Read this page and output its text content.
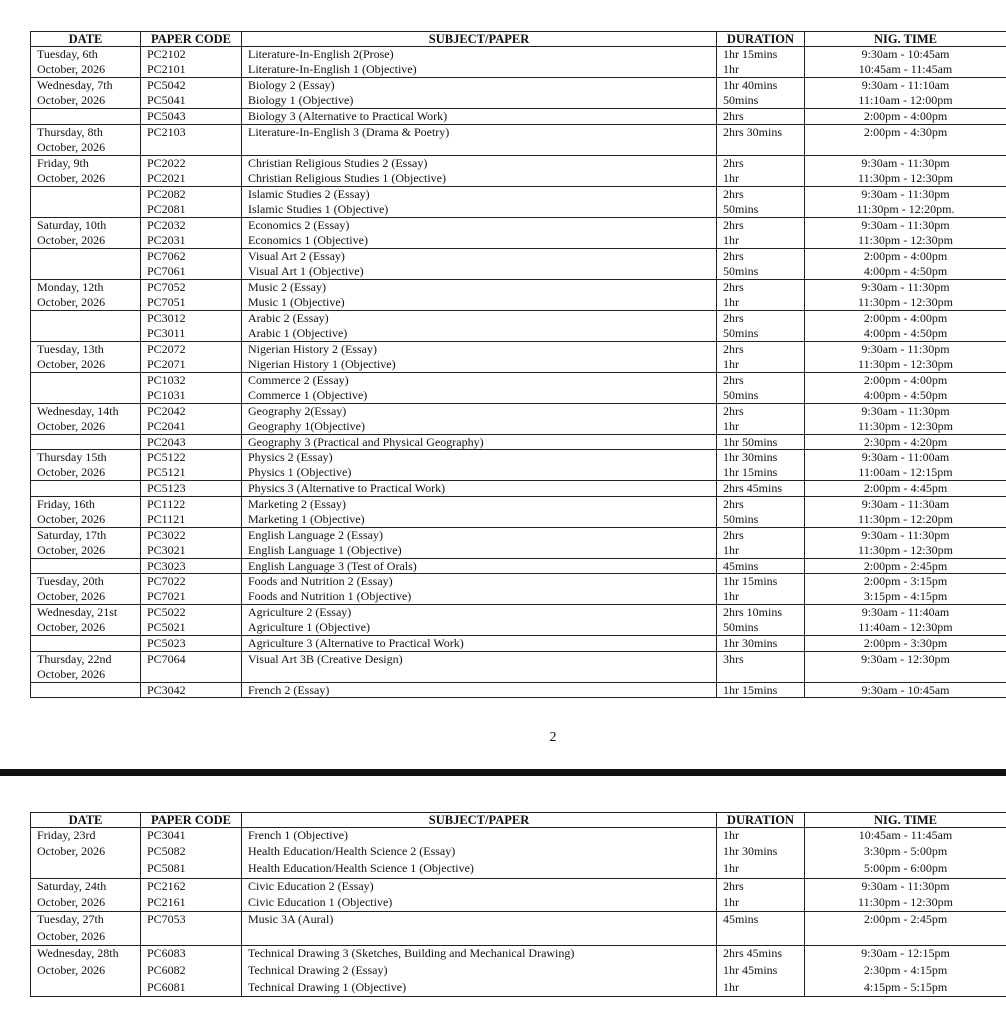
DATE	PAPER CODE	SUBJECT/PAPER	DURATION	NIG. TIME
Tuesday, 6th	PC2102	Literature-In-English 2(Prose)	1hr 15mins	9:30am - 10:45am
October, 2026	PC2101	Literature-In-English 1 (Objective)	1hr	10:45am - 11:45am
Wednesday, 7th	PC5042	Biology 2 (Essay)	1hr 40mins	9:30am - 11:10am
October, 2026	PC5041	Biology 1 (Objective)	50mins	11:10am - 12:00pm
	PC5043	Biology 3 (Alternative to Practical Work)	2hrs	2:00pm - 4:00pm
Thursday, 8th	PC2103	Literature-In-English 3 (Drama & Poetry)	2hrs 30mins	2:00pm - 4:30pm
October, 2026				
Friday, 9th	PC2022	Christian Religious Studies 2 (Essay)	2hrs	9:30am - 11:30pm
October, 2026	PC2021	Christian Religious Studies 1 (Objective)	1hr	11:30pm - 12:30pm
	PC2082	Islamic Studies 2 (Essay)	2hrs	9:30am - 11:30pm
	PC2081	Islamic Studies 1 (Objective)	50mins	11:30pm - 12:20pm.
Saturday, 10th	PC2032	Economics 2 (Essay)	2hrs	9:30am - 11:30pm
October, 2026	PC2031	Economics 1 (Objective)	1hr	11:30pm - 12:30pm
	PC7062	Visual Art 2 (Essay)	2hrs	2:00pm - 4:00pm
	PC7061	Visual Art 1 (Objective)	50mins	4:00pm - 4:50pm
Monday, 12th	PC7052	Music 2 (Essay)	2hrs	9:30am - 11:30pm
October, 2026	PC7051	Music 1 (Objective)	1hr	11:30pm - 12:30pm
	PC3012	Arabic 2 (Essay)	2hrs	2:00pm - 4:00pm
	PC3011	Arabic 1 (Objective)	50mins	4:00pm - 4:50pm
Tuesday, 13th	PC2072	Nigerian History 2 (Essay)	2hrs	9:30am - 11:30pm
October, 2026	PC2071	Nigerian History 1 (Objective)	1hr	11:30pm - 12:30pm
	PC1032	Commerce 2 (Essay)	2hrs	2:00pm - 4:00pm
	PC1031	Commerce 1 (Objective)	50mins	4:00pm - 4:50pm
Wednesday, 14th	PC2042	Geography 2(Essay)	2hrs	9:30am - 11:30pm
October, 2026	PC2041	Geography 1(Objective)	1hr	11:30pm - 12:30pm
	PC2043	Geography 3 (Practical and Physical Geography)	1hr 50mins	2:30pm - 4:20pm
Thursday 15th	PC5122	Physics 2 (Essay)	1hr 30mins	9:30am - 11:00am
October, 2026	PC5121	Physics 1 (Objective)	1hr 15mins	11:00am - 12:15pm
	PC5123	Physics 3 (Alternative to Practical Work)	2hrs 45mins	2:00pm - 4:45pm
Friday, 16th	PC1122	Marketing 2 (Essay)	2hrs	9:30am - 11:30am
October, 2026	PC1121	Marketing 1 (Objective)	50mins	11:30pm - 12:20pm
Saturday, 17th	PC3022	English Language 2 (Essay)	2hrs	9:30am - 11:30pm
October, 2026	PC3021	English Language 1 (Objective)	1hr	11:30pm - 12:30pm
	PC3023	English Language 3 (Test of Orals)	45mins	2:00pm - 2:45pm
Tuesday, 20th	PC7022	Foods and Nutrition 2 (Essay)	1hr 15mins	2:00pm - 3:15pm
October, 2026	PC7021	Foods and Nutrition 1 (Objective)	1hr	3:15pm - 4:15pm
Wednesday, 21st	PC5022	Agriculture 2 (Essay)	2hrs 10mins	9:30am - 11:40am
October, 2026	PC5021	Agriculture 1 (Objective)	50mins	11:40am - 12:30pm
	PC5023	Agriculture 3 (Alternative to Practical Work)	1hr 30mins	2:00pm - 3:30pm
Thursday, 22nd	PC7064	Visual Art 3B (Creative Design)	3hrs	9:30am - 12:30pm
October, 2026				
	PC3042	French 2 (Essay)	1hr 15mins	9:30am - 10:45am
2
DATE	PAPER CODE	SUBJECT/PAPER	DURATION	NIG. TIME
Friday, 23rd	PC3041	French 1 (Objective)	1hr	10:45am - 11:45am
October, 2026	PC5082	Health Education/Health Science 2 (Essay)	1hr 30mins	3:30pm - 5:00pm
	PC5081	Health Education/Health Science 1 (Objective)	1hr	5:00pm - 6:00pm
Saturday, 24th	PC2162	Civic Education 2 (Essay)	2hrs	9:30am - 11:30pm
October, 2026	PC2161	Civic Education 1 (Objective)	1hr	11:30pm - 12:30pm
Tuesday, 27th	PC7053	Music 3A (Aural)	45mins	2:00pm - 2:45pm
October, 2026				
Wednesday, 28th	PC6083	Technical Drawing 3 (Sketches, Building and Mechanical Drawing)	2hrs 45mins	9:30am - 12:15pm
October, 2026	PC6082	Technical Drawing 2 (Essay)	1hr 45mins	2:30pm - 4:15pm
	PC6081	Technical Drawing 1 (Objective)	1hr	4:15pm - 5:15pm
